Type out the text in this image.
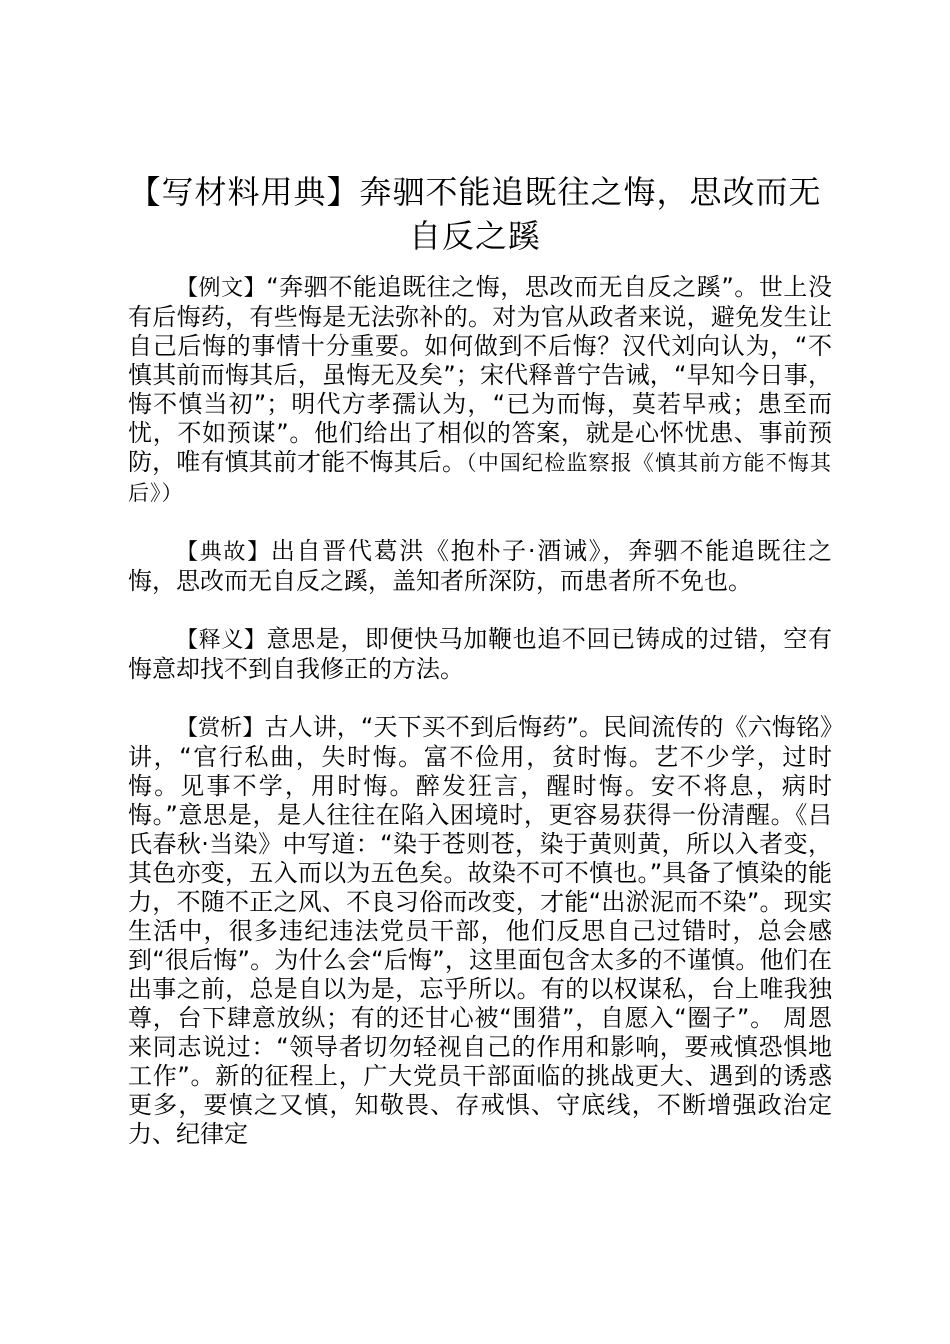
【写材料用典】奔驷不能追既往之悔，思改而无自反之蹊

【例文】“奔驷不能追既往之悔，思改而无自反之蹊”。世上没有后悔药，有些悔是无法弥补的。对为官从政者来说，避免发生让自己后悔的事情十分重要。如何做到不后悔？汉代刘向认为，“不慎其前而悔其后，虽悔无及矣”；宋代释普宁告诫，“早知今日事，悔不慎当初”；明代方孝孺认为，“已为而悔，莫若早戒；患至而忧，不如预谋”。他们给出了相似的答案，就是心怀忧患、事前预防，唯有慎其前才能不悔其后。（中国纪检监察报《慎其前方能不悔其后》）

【典故】出自晋代葛洪《抱朴子·酒诫》，奔驷不能追既往之悔，思改而无自反之蹊，盖知者所深防，而患者所不免也。

【释义】意思是，即便快马加鞭也追不回已铸成的过错，空有悔意却找不到自我修正的方法。

【赏析】古人讲，“天下买不到后悔药”。民间流传的《六悔铭》讲，“官行私曲，失时悔。富不俭用，贫时悔。艺不少学，过时悔。见事不学，用时悔。醉发狂言，醒时悔。安不将息，病时悔。”意思是，是人往往在陷入困境时，更容易获得一份清醒。《吕氏春秋·当染》中写道：“染于苍则苍，染于黄则黄，所以入者变，其色亦变，五入而以为五色矣。故染不可不慎也。”具备了慎染的能力，不随不正之风、不良习俗而改变，才能“出淤泥而不染”。现实生活中，很多违纪违法党员干部，他们反思自己过错时，总会感到“很后悔”。为什么会“后悔”，这里面包含太多的不谨慎。他们在出事之前，总是自以为是，忘乎所以。有的以权谋私，台上唯我独尊，台下肆意放纵；有的还甘心被“围猎”，自愿入“圈子”。 周恩来同志说过：“领导者切勿轻视自己的作用和影响，要戒慎恐惧地工作”。新的征程上，广大党员干部面临的挑战更大、遇到的诱惑更多，要慎之又慎，知敬畏、存戒惧、守底线，不断增强政治定力、纪律定
